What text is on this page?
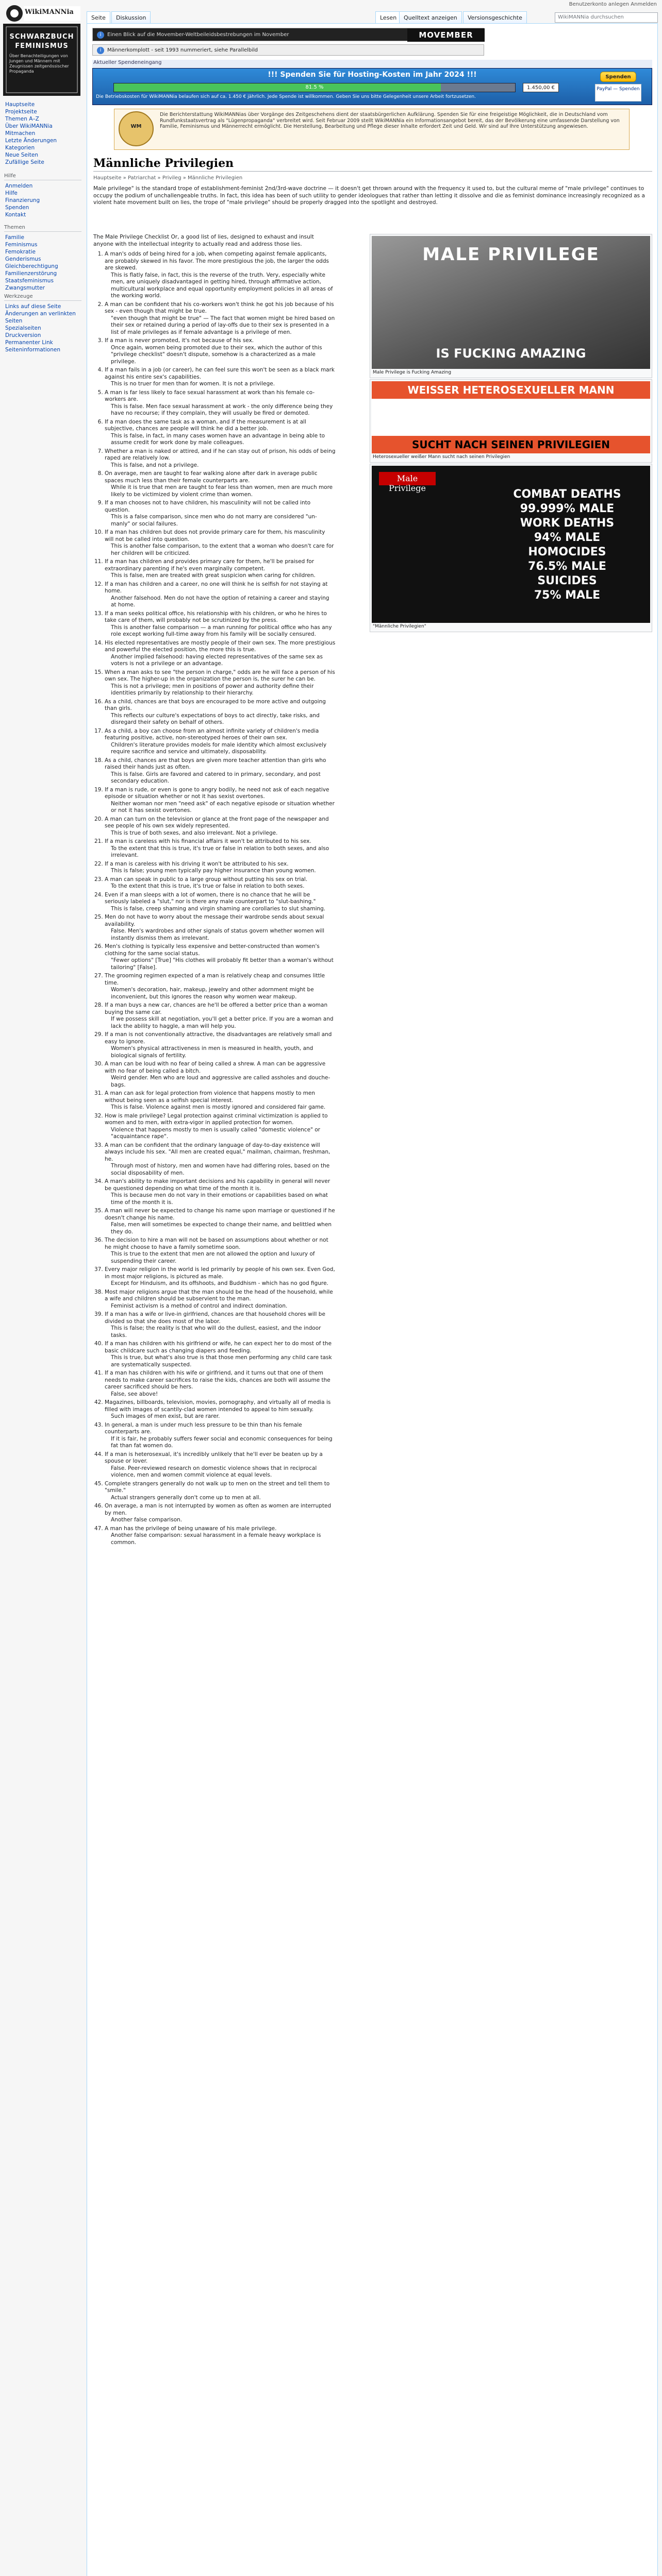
WikiMANNia
SCHWARZBUCH
FEMINISMUS
Über Benachteiligungen von Jungen und Männern mit Zeugnissen zeitgenössischer Propaganda
Hauptseite
Projektseite
Themen A–Z
Über WikiMANNia
Mitmachen
Letzte Änderungen
Kategorien
Neue Seiten
Zufällige Seite
Hilfe
Anmelden
Hilfe
Finanzierung
Spenden
Kontakt
Themen
Familie
Feminismus
Femokratie
Genderismus
Gleichberechtigung
Familienzerstörung
Staatsfeminismus
Zwangsmutter
Werkzeuge
Links auf diese Seite
Änderungen an verlinkten Seiten
Spezialseiten
Druckversion
Permanenter Link
Seiteninformationen
Benutzerkonto anlegen Anmelden
Seite	Diskussion	Lesen	Quelltext anzeigen	Versionsgeschichte	WikiMANNia durchsuchen
i	Einen Blick auf die Movember-Weltbeileidsbestrebungen im November	MOVEMBER
i	Männerkomplott - seit 1993 nummeriert, siehe Parallelbild
Aktueller Spendeneingang
!!! Spenden Sie für Hosting-Kosten im Jahr 2024 !!!
81.5 %	1.450,00 €
Spenden
PayPal — Spenden
Die Betriebskosten für WikiMANNia belaufen sich auf ca. 1.450 € jährlich. Jede Spende ist willkommen. Geben Sie uns bitte Gelegenheit unsere Arbeit fortzusetzen.
WM
Die Berichterstattung WikiMANNias über Vorgänge des Zeitgeschehens dient der staatsbürgerlichen Aufklärung. Spenden Sie für eine freigeistige Möglichkeit, die in Deutschland vom Rundfunkstaatsvertrag als "Lügenpropaganda" verbreitet wird. Seit Februar 2009 stellt WikiMANNia ein Informationsangebot bereit, das der Bevölkerung eine umfassende Darstellung von Familie, Feminismus und Männerrecht ermöglicht. Die Herstellung, Bearbeitung und Pflege dieser Inhalte erfordert Zeit und Geld. Wir sind auf Ihre Unterstützung angewiesen.
Männliche Privilegien
Hauptseite » Patriarchat » Privileg » Männliche Privilegien

Male privilege" is the standard trope of establishment-feminist 2nd/3rd-wave doctrine — it doesn't get thrown around with the frequency it used to, but the cultural meme of "male privilege" continues to occupy the podium of unchallengeable truths. In fact, this idea has been of such utility to gender ideologues that rather than letting it dissolve and die as feminist dominance increasingly recognized as a violent hate movement built on lies, the trope of "male privilege" should be properly dragged into the spotlight and destroyed.

The Male Privilege Checklist Or, a good list of lies, designed to exhaust and insult anyone with the intellectual integrity to actually read and address those lies.

1. A man's odds of being hired for a job, when competing against female applicants, are probably skewed in his favor. The more prestigious the job, the larger the odds are skewed.
This is flatly false, in fact, this is the reverse of the truth. Very, especially white men, are uniquely disadvantaged in getting hired, through affirmative action, multicultural workplace and equal opportunity employment policies in all areas of the working world.
2. A man can be confident that his co-workers won't think he got his job because of his sex - even though that might be true.
"even though that might be true" — The fact that women might be hired based on their sex or retained during a period of lay-offs due to their sex is presented in a list of male privileges as if female advantage is a privilege of men.
3. If a man is never promoted, it's not because of his sex.
Once again, women being promoted due to their sex, which the author of this "privilege checklist" doesn't dispute, somehow is a characterized as a male privilege.
4. If a man fails in a job (or career), he can feel sure this won't be seen as a black mark against his entire sex's capabilities.
This is no truer for men than for women. It is not a privilege.
5. A man is far less likely to face sexual harassment at work than his female co-workers are.
This is false. Men face sexual harassment at work - the only difference being they have no recourse; if they complain, they will usually be fired or demoted.
6. If a man does the same task as a woman, and if the measurement is at all subjective, chances are people will think he did a better job.
This is false, in fact, in many cases women have an advantage in being able to assume credit for work done by male colleagues.
7. Whether a man is naked or attired, and if he can stay out of prison, his odds of being raped are relatively low.
This is false, and not a privilege.
8. On average, men are taught to fear walking alone after dark in average public spaces much less than their female counterparts are.
While it is true that men are taught to fear less than women, men are much more likely to be victimized by violent crime than women.
9. If a man chooses not to have children, his masculinity will not be called into question.
This is a false comparison, since men who do not marry are considered "un-manly" or social failures.
10. If a man has children but does not provide primary care for them, his masculinity will not be called into question.
This is another false comparison, to the extent that a woman who doesn't care for her children will be criticized.
11. If a man has children and provides primary care for them, he'll be praised for extraordinary parenting if he's even marginally competent.
This is false, men are treated with great suspicion when caring for children.
12. If a man has children and a career, no one will think he is selfish for not staying at home.
Another falsehood. Men do not have the option of retaining a career and staying at home.
13. If a man seeks political office, his relationship with his children, or who he hires to take care of them, will probably not be scrutinized by the press.
This is another false comparison — a man running for political office who has any role except working full-time away from his family will be socially censured.
14. His elected representatives are mostly people of their own sex. The more prestigious and powerful the elected position, the more this is true.
Another implied falsehood: having elected representatives of the same sex as voters is not a privilege or an advantage.
15. When a man asks to see "the person in charge," odds are he will face a person of his own sex. The higher-up in the organization the person is, the surer he can be.
This is not a privilege; men in positions of power and authority define their identities primarily by relationship to their hierarchy.
16. As a child, chances are that boys are encouraged to be more active and outgoing than girls.
This reflects our culture's expectations of boys to act directly, take risks, and disregard their safety on behalf of others.
17. As a child, a boy can choose from an almost infinite variety of children's media featuring positive, active, non-stereotyped heroes of their own sex.
Children's literature provides models for male identity which almost exclusively require sacrifice and service and ultimately, disposability.
18. As a child, chances are that boys are given more teacher attention than girls who raised their hands just as often.
This is false. Girls are favored and catered to in primary, secondary, and post secondary education.
19. If a man is rude, or even is gone to angry bodily, he need not ask of each negative episode or situation whether or not it has sexist overtones.
Neither woman nor men "need ask" of each negative episode or situation whether or not it has sexist overtones.
20. A man can turn on the television or glance at the front page of the newspaper and see people of his own sex widely represented.
This is true of both sexes, and also irrelevant. Not a privilege.
21. If a man is careless with his financial affairs it won't be attributed to his sex.
To the extent that this is true, it's true or false in relation to both sexes, and also irrelevant.
22. If a man is careless with his driving it won't be attributed to his sex.
This is false; young men typically pay higher insurance than young women.
23. A man can speak in public to a large group without putting his sex on trial.
To the extent that this is true, it's true or false in relation to both sexes.
24. Even if a man sleeps with a lot of women, there is no chance that he will be seriously labeled a "slut," nor is there any male counterpart to "slut-bashing."
This is false, creep shaming and virgin shaming are corollaries to slut shaming.
25. Men do not have to worry about the message their wardrobe sends about sexual availability.
False. Men's wardrobes and other signals of status govern whether women will instantly dismiss them as irrelevant.
26. Men's clothing is typically less expensive and better-constructed than women's clothing for the same social status.
"Fewer options" [True] "His clothes will probably fit better than a woman's without tailoring" [False].
27. The grooming regimen expected of a man is relatively cheap and consumes little time.
Women's decoration, hair, makeup, jewelry and other adornment might be inconvenient, but this ignores the reason why women wear makeup.
28. If a man buys a new car, chances are he'll be offered a better price than a woman buying the same car.
If we possess skill at negotiation, you'll get a better price. If you are a woman and lack the ability to haggle, a man will help you.
29. If a man is not conventionally attractive, the disadvantages are relatively small and easy to ignore.
Women's physical attractiveness in men is measured in health, youth, and biological signals of fertility.
30. A man can be loud with no fear of being called a shrew. A man can be aggressive with no fear of being called a bitch.
Weird gender. Men who are loud and aggressive are called assholes and douche-bags.
31. A man can ask for legal protection from violence that happens mostly to men without being seen as a selfish special interest.
This is false. Violence against men is mostly ignored and considered fair game.
32. How is male privilege? Legal protection against criminal victimization is applied to women and to men, with extra-vigor in applied protection for women.
Violence that happens mostly to men is usually called "domestic violence" or "acquaintance rape".
33. A man can be confident that the ordinary language of day-to-day existence will always include his sex. "All men are created equal," mailman, chairman, freshman, he.
Through most of history, men and women have had differing roles, based on the social disposability of men.
34. A man's ability to make important decisions and his capability in general will never be questioned depending on what time of the month it is.
This is because men do not vary in their emotions or capabilities based on what time of the month it is.
35. A man will never be expected to change his name upon marriage or questioned if he doesn't change his name.
False, men will sometimes be expected to change their name, and belittled when they do.
36. The decision to hire a man will not be based on assumptions about whether or not he might choose to have a family sometime soon.
This is true to the extent that men are not allowed the option and luxury of suspending their career.
37. Every major religion in the world is led primarily by people of his own sex. Even God, in most major religions, is pictured as male.
Except for Hinduism, and its offshoots, and Buddhism - which has no god figure.
38. Most major religions argue that the man should be the head of the household, while a wife and children should be subservient to the man.
Feminist activism is a method of control and indirect domination.
39. If a man has a wife or live-in girlfriend, chances are that household chores will be divided so that she does most of the labor.
This is false; the reality is that who will do the dullest, easiest, and the indoor tasks.
40. If a man has children with his girlfriend or wife, he can expect her to do most of the basic childcare such as changing diapers and feeding.
This is true, but what's also true is that those men performing any child care task are systematically suspected.
41. If a man has children with his wife or girlfriend, and it turns out that one of them needs to make career sacrifices to raise the kids, chances are both will assume the career sacrificed should be hers.
False, see above!
42. Magazines, billboards, television, movies, pornography, and virtually all of media is filled with images of scantily-clad women intended to appeal to him sexually.
Such images of men exist, but are rarer.
43. In general, a man is under much less pressure to be thin than his female counterparts are.
If it is fair, he probably suffers fewer social and economic consequences for being fat than fat women do.
44. If a man is heterosexual, it's incredibly unlikely that he'll ever be beaten up by a spouse or lover.
False. Peer-reviewed research on domestic violence shows that in reciprocal violence, men and women commit violence at equal levels.
45. Complete strangers generally do not walk up to men on the street and tell them to "smile."
Actual strangers generally don't come up to men at all.
46. On average, a man is not interrupted by women as often as women are interrupted by men.
Another false comparison.
47. A man has the privilege of being unaware of his male privilege.
Another false comparison: sexual harassment in a female heavy workplace is common.
MALE PRIVILEGE
IS FUCKING AMAZING
Male Privilege is Fucking Amazing
WEISSER HETEROSEXUELLER MANN
SUCHT NACH SEINEN PRIVILEGIEN
Heterosexueller weißer Mann sucht nach seinen Privilegien
Male Privilege	COMBAT DEATHS
99.999% MALE
WORK DEATHS
94% MALE
HOMOCIDES
76.5% MALE
SUICIDES
75% MALE
"Männliche Privilegien"
